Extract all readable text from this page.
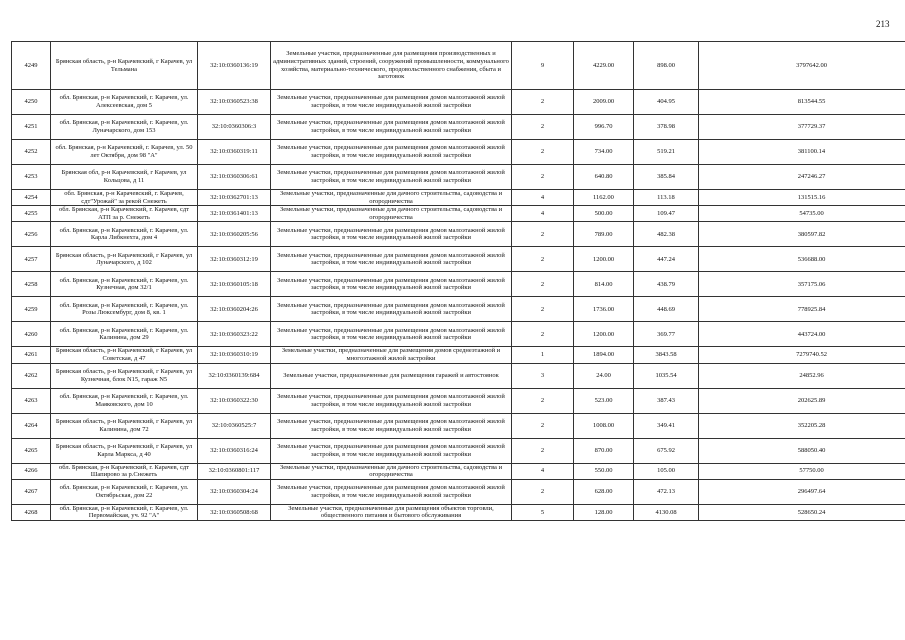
213
4249	Брянская область, р-н Карачевский, г Карачев, ул Тельмана	32:10:0360136:19	Земельные участки, предназначенные для размещения производственных и административных зданий, строений, сооружений промышленности, коммунального хозяйства, материально-технического, продовольственного снабжения, сбыта и заготовок	9	4229.00	898.00	3797642.00
4250	обл. Брянская, р-н Карачевский, г. Карачев, ул. Алексеевская, дом 5	32:10:0360523:38	Земельные участки, предназначенные для размещения домов малоэтажной жилой застройки, в том числе индивидуальной жилой застройки	2	2009.00	404.95	813544.55
4251	обл. Брянская, р-н Карачевский, г. Карачев, ул. Луначарского, дом 153	32:10:0360306:3	Земельные участки, предназначенные для размещения домов малоэтажной жилой застройки, в том числе индивидуальной жилой застройки	2	996.70	378.98	377729.37
4252	обл. Брянская, р-н Карачевский, г. Карачев, ул. 50 лет Октября, дом 98 "А"	32:10:0360319:11	Земельные участки, предназначенные для размещения домов малоэтажной жилой застройки, в том числе индивидуальной жилой застройки	2	734.00	519.21	381100.14
4253	Брянская обл, р-н Карачевский, г Карачев, ул Кольцова, д 11	32:10:0360306:61	Земельные участки, предназначенные для размещения домов малоэтажной жилой застройки, в том числе индивидуальной жилой застройки	2	640.80	385.84	247246.27
4254	обл. Брянская, р-н Карачевский, г. Карачев, сдт"Урожай" за рекой Снежеть	32:10:0362701:13	Земельные участки, предназначенные для дачного строительства, садоводства и огородничества	4	1162.00	113.18	131515.16
4255	обл. Брянская, р-н Карачевский, г. Карачев, сдт АТП за р. Снежеть	32:10:0361401:13	Земельные участки, предназначенные для дачного строительства, садоводства и огородничества	4	500.00	109.47	54735.00
4256	обл. Брянская, р-н Карачевский, г. Карачев, ул. Карла Либкнехта, дом 4	32:10:0360205:56	Земельные участки, предназначенные для размещения домов малоэтажной жилой застройки, в том числе индивидуальной жилой застройки	2	789.00	482.38	380597.82
4257	Брянская область, р-н Карачевский, г Карачев, ул Луначарского, д 102	32:10:0360312:19	Земельные участки, предназначенные для размещения домов малоэтажной жилой застройки, в том числе индивидуальной жилой застройки	2	1200.00	447.24	536688.00
4258	обл. Брянская, р-н Карачевский, г. Карачев, ул. Кузнечная, дом 32/1	32:10:0360105:18	Земельные участки, предназначенные для размещения домов малоэтажной жилой застройки, в том числе индивидуальной жилой застройки	2	814.00	438.79	357175.06
4259	обл. Брянская, р-н Карачевский, г. Карачев, ул. Розы Люксембург, дом 8, кв. 1	32:10:0360204:26	Земельные участки, предназначенные для размещения домов малоэтажной жилой застройки, в том числе индивидуальной жилой застройки	2	1736.00	448.69	778925.84
4260	обл. Брянская, р-н Карачевский, г. Карачев, ул. Калинина, дом 29	32:10:0360323:22	Земельные участки, предназначенные для размещения домов малоэтажной жилой застройки, в том числе индивидуальной жилой застройки	2	1200.00	369.77	443724.00
4261	Брянская область, р-н Карачевский, г Карачев, ул Советская, д 47	32:10:0360310:19	Земельные участки, предназначенные для размещения домов среднеэтажной и многоэтажной жилой застройки	1	1894.00	3843.58	7279740.52
4262	Брянская область, р-н Карачевский, г Карачев, ул Кузнечная, блок N15, гараж N5	32:10:0360139:684	Земельные участки, предназначенные для размещения гаражей и автостоянок	3	24.00	1035.54	24852.96
4263	обл. Брянская, р-н Карачевский, г. Карачев, ул. Маяковского, дом 10	32:10:0360322:30	Земельные участки, предназначенные для размещения домов малоэтажной жилой застройки, в том числе индивидуальной жилой застройки	2	523.00	387.43	202625.89
4264	Брянская область, р-н Карачевский, г Карачев, ул Калинина, дом 72	32:10:0360525:7	Земельные участки, предназначенные для размещения домов малоэтажной жилой застройки, в том числе индивидуальной жилой застройки	2	1008.00	349.41	352205.28
4265	Брянская область, р-н Карачевский, г Карачев, ул Карла Маркса, д 40	32:10:0360316:24	Земельные участки, предназначенные для размещения домов малоэтажной жилой застройки, в том числе индивидуальной жилой застройки	2	870.00	675.92	588050.40
4266	обл. Брянская, р-н Карачевский, г. Карачев, сдт Шапирово за р.Снежеть	32:10:0360801:117	Земельные участки, предназначенные для дачного строительства, садоводства и огородничества	4	550.00	105.00	57750.00
4267	обл. Брянская, р-н Карачевский, г. Карачев, ул. Октябрьская, дом 22	32:10:0360304:24	Земельные участки, предназначенные для размещения домов малоэтажной жилой застройки, в том числе индивидуальной жилой застройки	2	628.00	472.13	296497.64
4268	обл. Брянская, р-н Карачевский, г. Карачев, ул. Первомайская, уч. 92 "А"	32:10:0360508:68	Земельные участки, предназначенные для размещения объектов торговли, общественного питания и бытового обслуживания	5	128.00	4130.08	528650.24
